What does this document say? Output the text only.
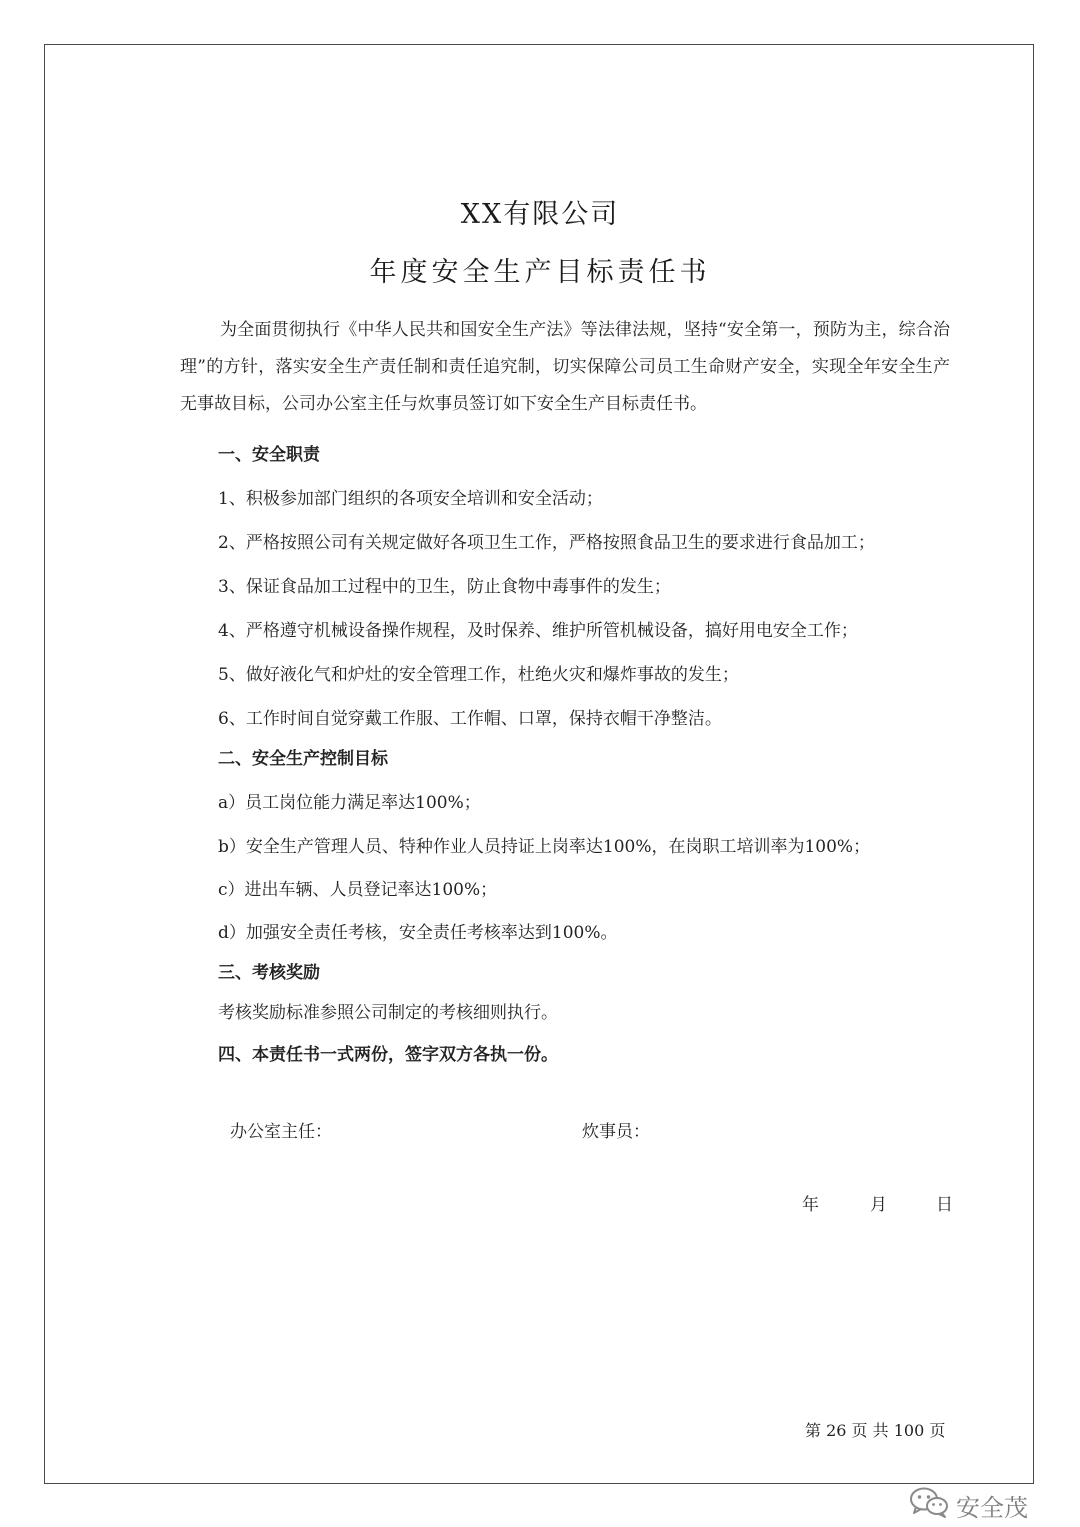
XX有限公司
年度安全生产目标责任书

为全面贯彻执行《中华人民共和国安全生产法》等法律法规，坚持“安全第一，预防为主，综合治理”的方针，落实安全生产责任制和责任追究制，切实保障公司员工生命财产安全，实现全年安全生产无事故目标，公司办公室主任与炊事员签订如下安全生产目标责任书。

一、安全职责

1、积极参加部门组织的各项安全培训和安全活动；

2、严格按照公司有关规定做好各项卫生工作，严格按照食品卫生的要求进行食品加工；

3、保证食品加工过程中的卫生，防止食物中毒事件的发生；

4、严格遵守机械设备操作规程，及时保养、维护所管机械设备，搞好用电安全工作；

5、做好液化气和炉灶的安全管理工作，杜绝火灾和爆炸事故的发生；

6、工作时间自觉穿戴工作服、工作帽、口罩，保持衣帽干净整洁。

二、安全生产控制目标

a）员工岗位能力满足率达100%；

b）安全生产管理人员、特种作业人员持证上岗率达100%，在岗职工培训率为100%；

c）进出车辆、人员登记率达100%；

d）加强安全责任考核，安全责任考核率达到100%。

三、考核奖励

考核奖励标准参照公司制定的考核细则执行。

四、本责任书一式两份，签字双方各执一份。

办公室主任：	炊事员：
年	月	日
第 26 页 共 100 页
安全茂
